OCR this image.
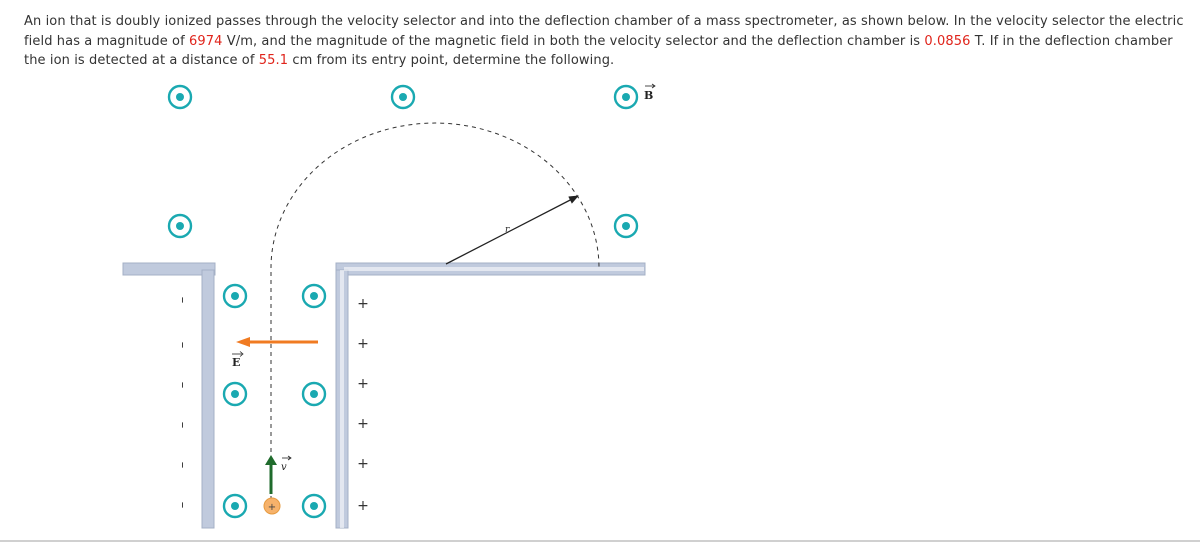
An ion that is doubly ionized passes through the velocity selector and into the deflection chamber of a mass spectrometer, as shown below. In the velocity selector the electric field has a magnitude of 6974 V/m, and the magnitude of the magnetic field in both the velocity selector and the deflection chamber is 0.0856 T. If in the deflection chamber the ion is detected at a distance of 55.1 cm from its entry point, determine the following.
r
E
v
+
B
–
–
–
–
–
–
+
+
+
+
+
+
